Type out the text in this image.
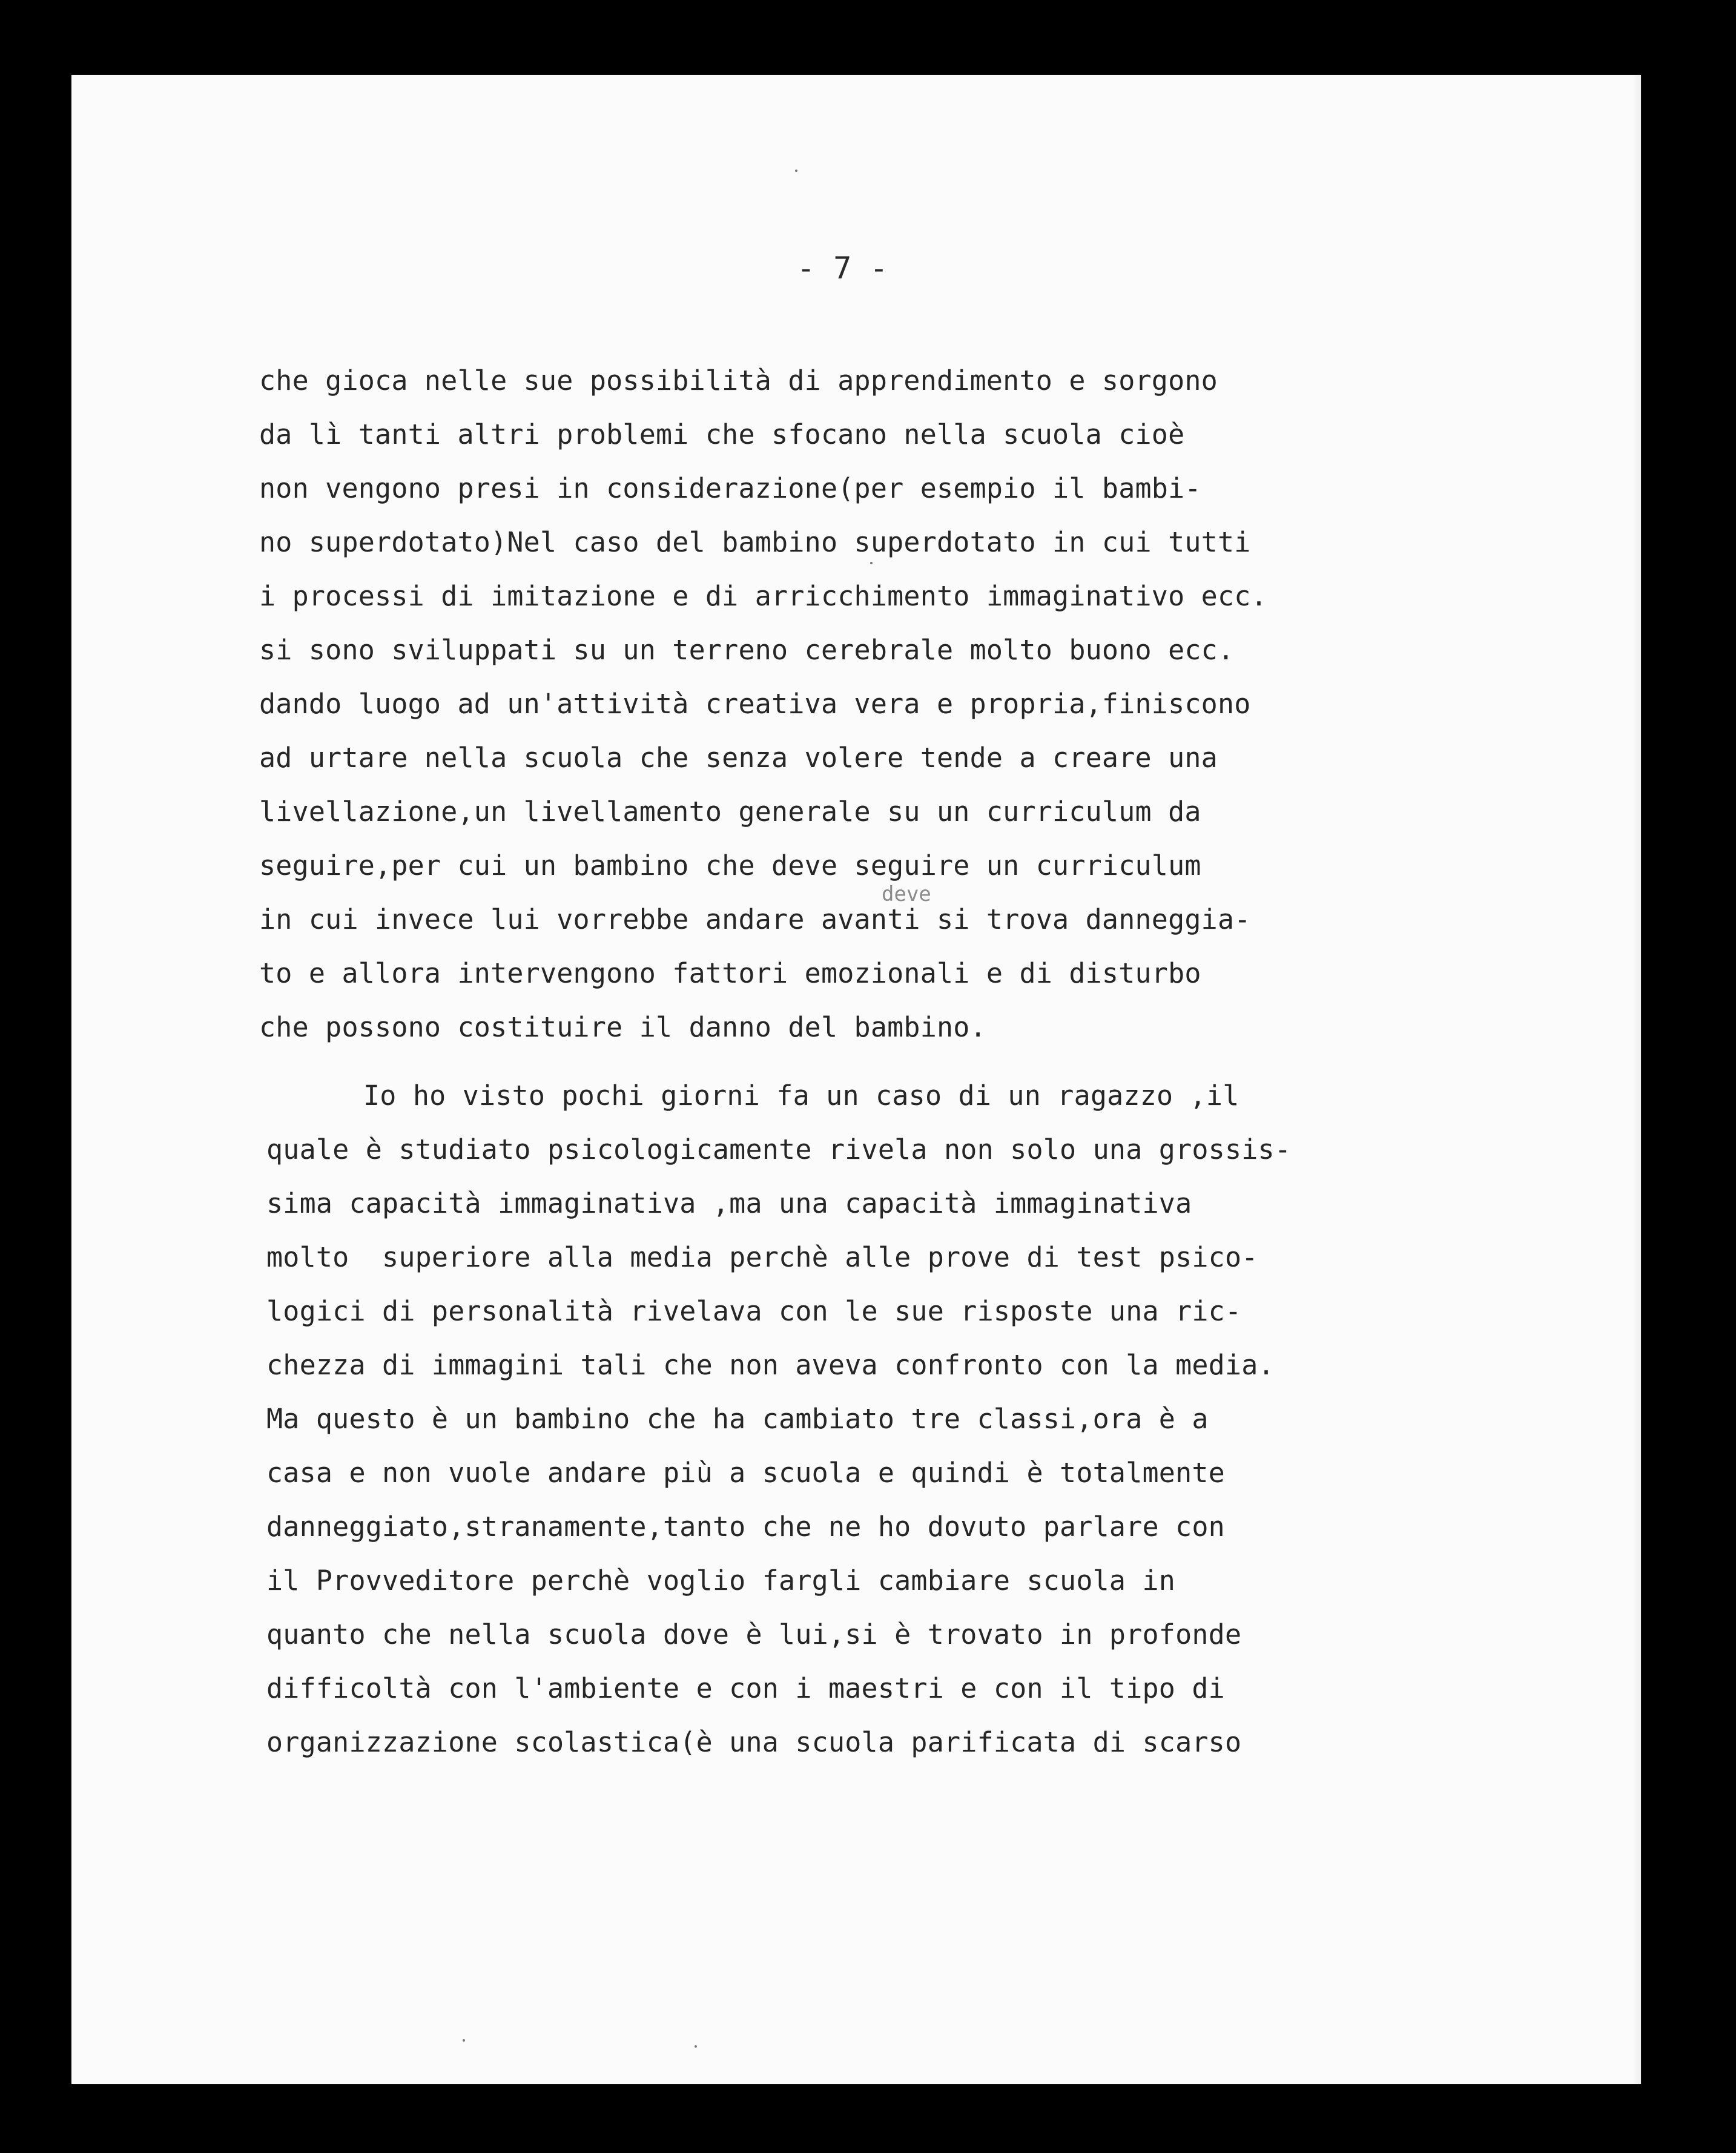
- 7 -
deve
che gioca nelle sue possibilità di apprendimento e sorgono
da lì tanti altri problemi che sfocano nella scuola cioè
non vengono presi in considerazione(per esempio il bambi-
no superdotato)Nel caso del bambino superdotato in cui tutti
i processi di imitazione e di arricchimento immaginativo ecc.
si sono sviluppati su un terreno cerebrale molto buono ecc.
dando luogo ad un'attività creativa vera e propria,finiscono
ad urtare nella scuola che senza volere tende a creare una
livellazione,un livellamento generale su un curriculum da
seguire,per cui un bambino che deve seguire un curriculum
in cui invece lui vorrebbe andare avanti si trova danneggia-
to e allora intervengono fattori emozionali e di disturbo
che possono costituire il danno del bambino.
Io ho visto pochi giorni fa un caso di un ragazzo ,il
quale è studiato psicologicamente rivela non solo una grossis-
sima capacità immaginativa ,ma una capacità immaginativa
molto  superiore alla media perchè alle prove di test psico-
logici di personalità rivelava con le sue risposte una ric-
chezza di immagini tali che non aveva confronto con la media.
Ma questo è un bambino che ha cambiato tre classi,ora è a
casa e non vuole andare più a scuola e quindi è totalmente
danneggiato,stranamente,tanto che ne ho dovuto parlare con
il Provveditore perchè voglio fargli cambiare scuola in
quanto che nella scuola dove è lui,si è trovato in profonde
difficoltà con l'ambiente e con i maestri e con il tipo di
organizzazione scolastica(è una scuola parificata di scarso
